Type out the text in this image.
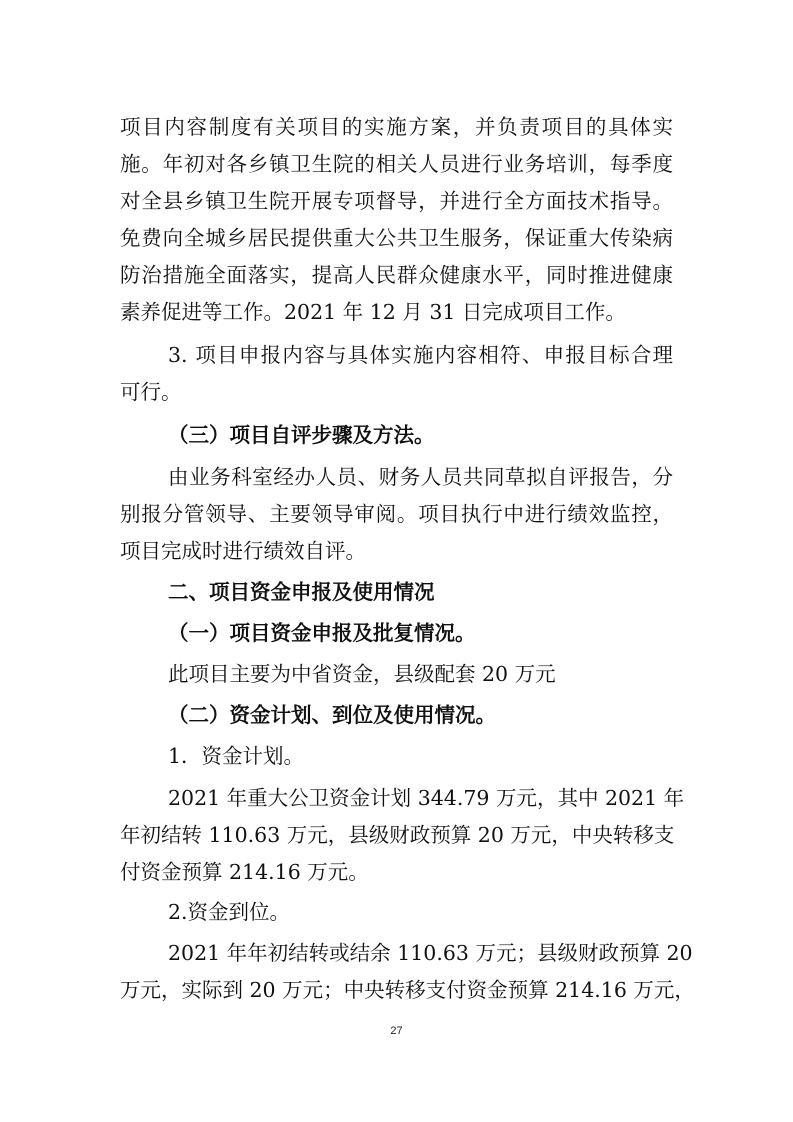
项目内容制度有关项目的实施方案，并负责项目的具体实
施。年初对各乡镇卫生院的相关人员进行业务培训，每季度
对全县乡镇卫生院开展专项督导，并进行全方面技术指导。
免费向全城乡居民提供重大公共卫生服务，保证重大传染病
防治措施全面落实，提高人民群众健康水平，同时推进健康
素养促进等工作。2021 年 12 月 31 日完成项目工作。
3. 项目申报内容与具体实施内容相符、申报目标合理
可行。
（三）项目自评步骤及方法。
由业务科室经办人员、财务人员共同草拟自评报告，分
别报分管领导、主要领导审阅。项目执行中进行绩效监控，
项目完成时进行绩效自评。
二、项目资金申报及使用情况
（一）项目资金申报及批复情况。
此项目主要为中省资金，县级配套 20 万元
（二）资金计划、到位及使用情况。
1．资金计划。
2021 年重大公卫资金计划 344.79 万元，其中 2021 年
年初结转 110.63 万元，县级财政预算 20 万元，中央转移支
付资金预算 214.16 万元。
2.资金到位。
2021 年年初结转或结余 110.63 万元；县级财政预算 20
万元，实际到 20 万元；中央转移支付资金预算 214.16 万元，
27
